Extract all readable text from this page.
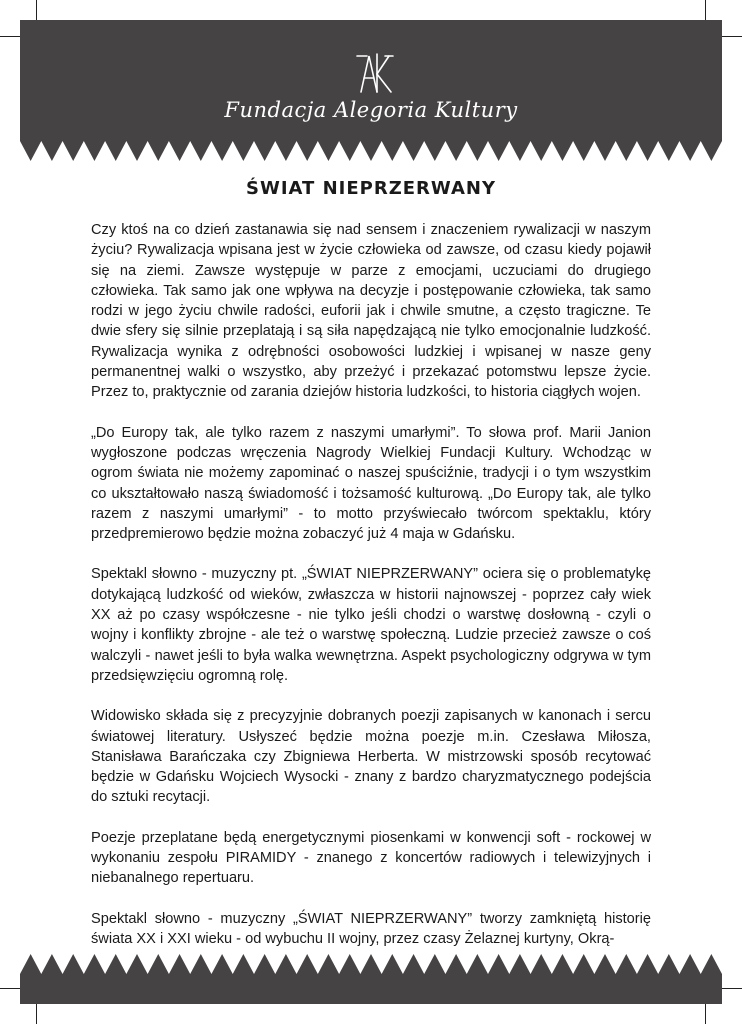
Fundacja Alegoria Kultury
ŚWIAT NIEPRZERWANY

Czy ktoś na co dzień zastanawia się nad sensem i znaczeniem rywalizacji w naszym życiu? Rywalizacja wpisana jest w życie człowieka od zawsze, od czasu kiedy pojawił się na ziemi. Zawsze występuje w parze z emocjami, uczuciami do drugiego człowieka. Tak samo jak one wpływa na decyzje i postępowanie człowieka, tak samo rodzi w jego życiu chwile radości, euforii jak i chwile smutne, a często tragiczne. Te dwie sfery się silnie przeplatają i są siła napędzającą nie tylko emocjonalnie ludzkość. Rywalizacja wynika z odrębności osobowości ludzkiej i wpisanej w nasze geny permanentnej walki o wszystko, aby przeżyć i przekazać potomstwu lepsze życie. Przez to, praktycznie od zarania dziejów historia ludzkości, to historia ciągłych wojen.

„Do Europy tak, ale tylko razem z naszymi umarłymi”. To słowa prof. Marii Janion wygłoszone podczas wręczenia Nagrody Wielkiej Fundacji Kultury. Wchodząc w ogrom świata nie możemy zapominać o naszej spuściźnie, tradycji i o tym wszystkim co ukształtowało naszą świadomość i tożsamość kulturową. „Do Europy tak, ale tylko razem z naszymi umarłymi” - to motto przyświecało twórcom spektaklu, który przedpremierowo będzie można zobaczyć już 4 maja w Gdańsku.

Spektakl słowno - muzyczny pt. „ŚWIAT NIEPRZERWANY” ociera się o problematykę dotykającą ludzkość od wieków, zwłaszcza w historii najnowszej - poprzez cały wiek XX aż po czasy współczesne - nie tylko jeśli chodzi o warstwę dosłowną - czyli o wojny i konflikty zbrojne - ale też o warstwę społeczną. Ludzie przecież zawsze o coś walczyli - nawet jeśli to była walka wewnętrzna. Aspekt psychologiczny odgrywa w tym przedsięwzięciu ogromną rolę.

Widowisko składa się z precyzyjnie dobranych poezji zapisanych w kanonach i sercu światowej literatury. Usłyszeć będzie można poezje m.in. Czesława Miłosza, Stanisława Barańczaka czy Zbigniewa Herberta. W mistrzowski sposób recytować będzie w Gdańsku Wojciech Wysocki - znany z bardzo charyzmatycznego podejścia do sztuki recytacji.

Poezje przeplatane będą energetycznymi piosenkami w konwencji soft - rockowej w wykonaniu zespołu PIRAMIDY - znanego z koncertów radiowych i telewizyjnych i niebanalnego repertuaru.

Spektakl słowno - muzyczny „ŚWIAT NIEPRZERWANY” tworzy zamkniętą historię świata XX i XXI wieku - od wybuchu II wojny, przez czasy Żelaznej kurtyny, Okrą-
